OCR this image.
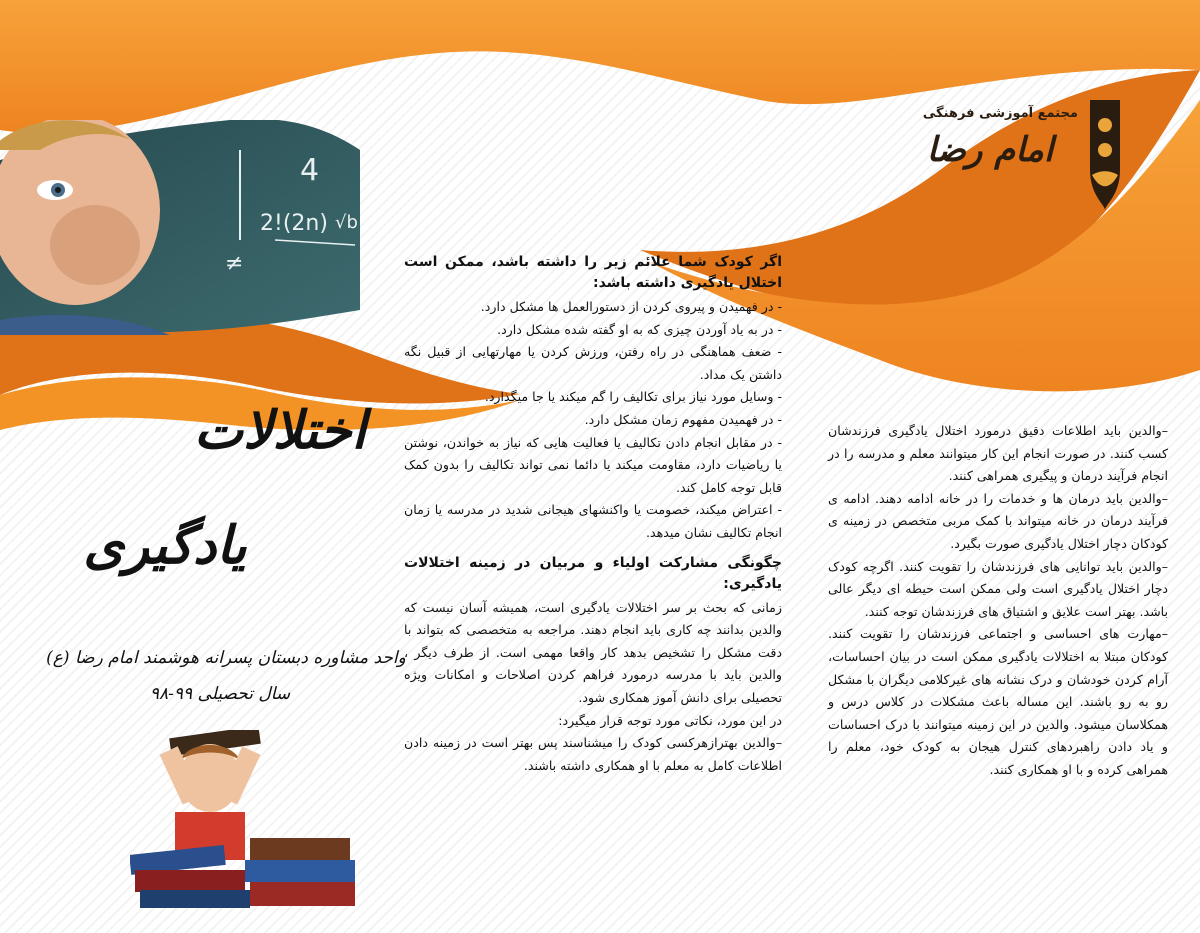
4
2!(2n) √b
≠
مجتمع آموزشی فرهنگی
امام رضا
اختلالات
یادگیری
واحد مشاوره دبستان پسرانه هوشمند امام رضا (ع)
سال تحصیلی ۹۹-۹۸

اگر کودک شما علائم زیر را داشته باشد، ممکن است اختلال یادگیری داشته باشد:

- در فهمیدن و پیروی کردن از دستورالعمل ها مشکل دارد.

- در به یاد آوردن چیزی که به او گفته شده مشکل دارد.

- ضعف هماهنگی در راه رفتن، ورزش کردن یا مهارتهایی از قبیل نگه داشتن یک مداد.

- وسایل مورد نیاز برای تکالیف را گم میکند یا جا میگذارد.

- در فهمیدن مفهوم زمان مشکل دارد.

- در مقابل انجام دادن تکالیف یا فعالیت هایی که نیاز به خواندن، نوشتن یا ریاضیات دارد، مقاومت میکند یا دائما نمی تواند تکالیف را بدون کمک قابل توجه کامل کند.

- اعتراض میکند، خصومت یا واکنشهای هیجانی شدید در مدرسه یا زمان انجام تکالیف نشان میدهد.

چگونگی مشارکت اولیاء و مربیان در زمینه اختلالات یادگیری:

زمانی که بحث بر سر اختلالات یادگیری است، همیشه آسان نیست که والدین بدانند چه کاری باید انجام دهند. مراجعه به متخصصی که بتواند با دقت مشکل را تشخیص بدهد کار واقعا مهمی است. از طرف دیگر ، والدین باید با مدرسه درمورد فراهم کردن اصلاحات و امکانات ویژه تحصیلی برای دانش آموز همکاری شود.

در این مورد، نکاتی مورد توجه قرار میگیرد:

–والدین بهترازهرکسی کودک را میشناسند پس بهتر است در زمینه دادن اطلاعات کامل به معلم با او همکاری داشته باشند.

–والدین باید اطلاعات دقیق درمورد اختلال یادگیری فرزندشان کسب کنند. در صورت انجام این کار میتوانند معلم و مدرسه را در انجام فرآیند درمان و پیگیری همراهی کنند.

–والدین باید درمان ها و خدمات را در خانه ادامه دهند. ادامه ی فرآیند درمان در خانه میتواند با کمک مربی متخصص در زمینه ی کودکان دچار اختلال یادگیری صورت بگیرد.

–والدین باید توانایی های فرزندشان را تقویت کنند. اگرچه کودک دچار اختلال یادگیری است ولی ممکن است حیطه ای دیگر عالی باشد. بهتر است علایق و اشتیاق های فرزندشان توجه کنند.

–مهارت های احساسی و اجتماعی فرزندشان را تقویت کنند. کودکان مبتلا به اختلالات یادگیری ممکن است در بیان احساسات، آرام کردن خودشان و درک نشانه های غیرکلامی دیگران با مشکل رو به رو باشند. این مساله باعث مشکلات در کلاس درس و همکلاسان میشود. والدین در این زمینه میتوانند با درک احساسات و یاد دادن راهبردهای کنترل هیجان به کودک خود، معلم را همراهی کرده و با او همکاری کنند.
